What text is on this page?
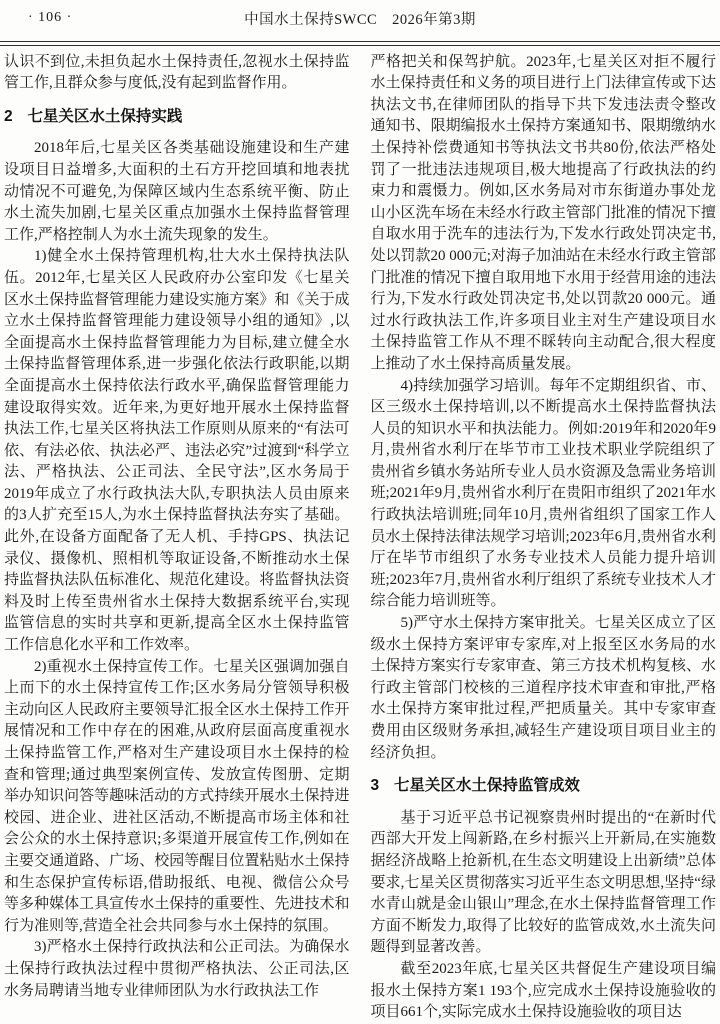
· 106 ·	中国水土保持SWCC　2026年第3期

认识不到位,未担负起水土保持责任,忽视水土保持监管工作,且群众参与度低,没有起到监督作用。

2 七星关区水土保持实践

2018年后,七星关区各类基础设施建设和生产建设项目日益增多,大面积的土石方开挖回填和地表扰动情况不可避免,为保障区域内生态系统平衡、防止水土流失加剧,七星关区重点加强水土保持监督管理工作,严格控制人为水土流失现象的发生。

1)健全水土保持管理机构,壮大水土保持执法队伍。2012年,七星关区人民政府办公室印发《七星关区水土保持监督管理能力建设实施方案》和《关于成立水土保持监督管理能力建设领导小组的通知》,以全面提高水土保持监督管理能力为目标,建立健全水土保持监督管理体系,进一步强化依法行政职能,以期全面提高水土保持依法行政水平,确保监督管理能力建设取得实效。近年来,为更好地开展水土保持监督执法工作,七星关区将执法工作原则从原来的“有法可依、有法必依、执法必严、违法必究”过渡到“科学立法、严格执法、公正司法、全民守法”,区水务局于2019年成立了水行政执法大队,专职执法人员由原来的3人扩充至15人,为水土保持监督执法夯实了基础。此外,在设备方面配备了无人机、手持GPS、执法记录仪、摄像机、照相机等取证设备,不断推动水土保持监督执法队伍标准化、规范化建设。将监督执法资料及时上传至贵州省水土保持大数据系统平台,实现监管信息的实时共享和更新,提高全区水土保持监管工作信息化水平和工作效率。

2)重视水土保持宣传工作。七星关区强调加强自上而下的水土保持宣传工作;区水务局分管领导积极主动向区人民政府主要领导汇报全区水土保持工作开展情况和工作中存在的困难,从政府层面高度重视水土保持监管工作,严格对生产建设项目水土保持的检查和管理;通过典型案例宣传、发放宣传图册、定期举办知识问答等趣味活动的方式持续开展水土保持进校园、进企业、进社区活动,不断提高市场主体和社会公众的水土保持意识;多渠道开展宣传工作,例如在主要交通道路、广场、校园等醒目位置粘贴水土保持和生态保护宣传标语,借助报纸、电视、微信公众号等多种媒体工具宣传水土保持的重要性、先进技术和行为准则等,营造全社会共同参与水土保持的氛围。

3)严格水土保持行政执法和公正司法。为确保水土保持行政执法过程中贯彻严格执法、公正司法,区水务局聘请当地专业律师团队为水行政执法工作

严格把关和保驾护航。2023年,七星关区对拒不履行水土保持责任和义务的项目进行上门法律宣传或下达执法文书,在律师团队的指导下共下发违法责令整改通知书、限期编报水土保持方案通知书、限期缴纳水土保持补偿费通知书等执法文书共80份,依法严格处罚了一批违法违规项目,极大地提高了行政执法的约束力和震慑力。例如,区水务局对市东街道办事处龙山小区洗车场在未经水行政主管部门批准的情况下擅自取水用于洗车的违法行为,下发水行政处罚决定书,处以罚款20 000元;对海子加油站在未经水行政主管部门批准的情况下擅自取用地下水用于经营用途的违法行为,下发水行政处罚决定书,处以罚款20 000元。通过水行政执法工作,许多项目业主对生产建设项目水土保持监管工作从不理不睬转向主动配合,很大程度上推动了水土保持高质量发展。

4)持续加强学习培训。每年不定期组织省、市、区三级水土保持培训,以不断提高水土保持监督执法人员的知识水平和执法能力。例如:2019年和2020年9月,贵州省水利厅在毕节市工业技术职业学院组织了贵州省乡镇水务站所专业人员水资源及急需业务培训班;2021年9月,贵州省水利厅在贵阳市组织了2021年水行政执法培训班;同年10月,贵州省组织了国家工作人员水土保持法律法规学习培训;2023年6月,贵州省水利厅在毕节市组织了水务专业技术人员能力提升培训班;2023年7月,贵州省水利厅组织了系统专业技术人才综合能力培训班等。

5)严守水土保持方案审批关。七星关区成立了区级水土保持方案评审专家库,对上报至区水务局的水土保持方案实行专家审查、第三方技术机构复核、水行政主管部门校核的三道程序技术审查和审批,严格水土保持方案审批过程,严把质量关。其中专家审查费用由区级财务承担,减轻生产建设项目项目业主的经济负担。

3 七星关区水土保持监管成效

基于习近平总书记视察贵州时提出的“在新时代西部大开发上闯新路,在乡村振兴上开新局,在实施数据经济战略上抢新机,在生态文明建设上出新绩”总体要求,七星关区贯彻落实习近平生态文明思想,坚持“绿水青山就是金山银山”理念,在水土保持监督管理工作方面不断发力,取得了比较好的监管成效,水土流失问题得到显著改善。

截至2023年底,七星关区共督促生产建设项目编报水土保持方案1 193个,应完成水土保持设施验收的项目661个,实际完成水土保持设施验收的项目达
